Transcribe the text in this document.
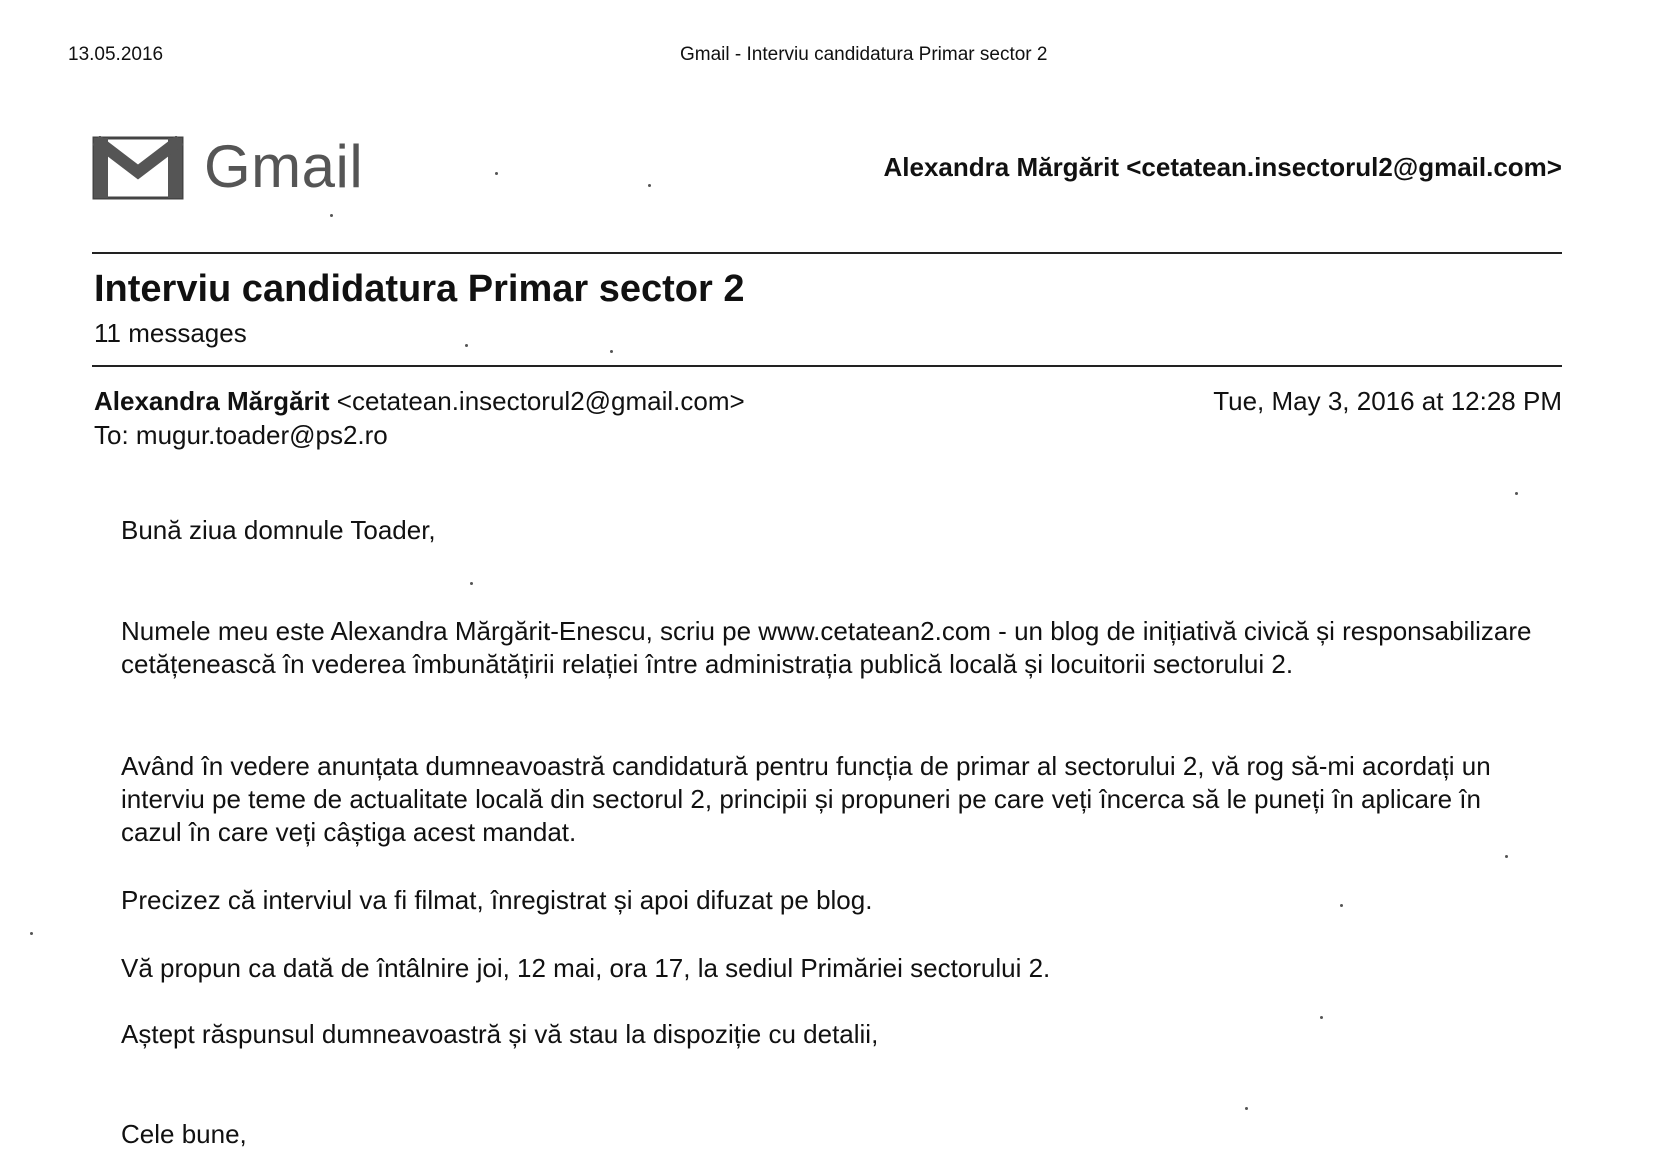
13.05.2016	Gmail - Interviu candidatura Primar sector 2
Gmail	Alexandra Mărgărit <cetatean.insectorul2@gmail.com>
Interviu candidatura Primar sector 2
11 messages
Alexandra Mărgărit <cetatean.insectorul2@gmail.com>	Tue, May 3, 2016 at 12:28 PM
To: mugur.toader@ps2.ro
Bună ziua domnule Toader,
Numele meu este Alexandra Mărgărit-Enescu, scriu pe www.cetatean2.com - un blog de inițiativă civică și responsabilizare cetățenească în vederea îmbunătățirii relației între administrația publică locală și locuitorii sectorului 2.
Având în vedere anunțata dumneavoastră candidatură pentru funcția de primar al sectorului 2, vă rog să-mi acordați un interviu pe teme de actualitate locală din sectorul 2, principii și propuneri pe care veți încerca să le puneți în aplicare în cazul în care veți câștiga acest mandat.
Precizez că interviul va fi filmat, înregistrat și apoi difuzat pe blog.
Vă propun ca dată de întâlnire joi, 12 mai, ora 17, la sediul Primăriei sectorului 2.
Aștept răspunsul dumneavoastră și vă stau la dispoziție cu detalii,
Cele bune,
